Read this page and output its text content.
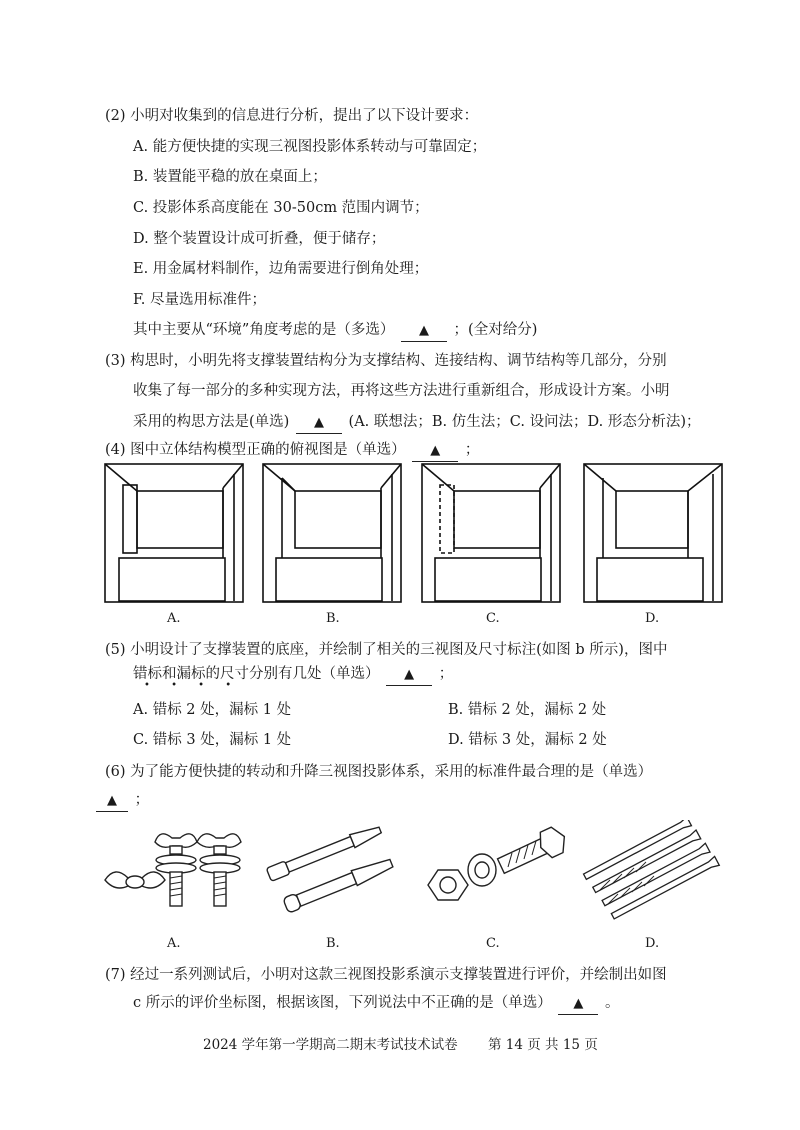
(2) 小明对收集到的信息进行分析，提出了以下设计要求：
A. 能方便快捷的实现三视图投影体系转动与可靠固定；
B. 装置能平稳的放在桌面上；
C. 投影体系高度能在 30-50cm 范围内调节；
D. 整个装置设计成可折叠，便于储存；
E. 用金属材料制作，边角需要进行倒角处理；
F. 尽量选用标准件；
其中主要从“环境”角度考虑的是（多选） ▲ ；(全对给分)
(3) 构思时，小明先将支撑装置结构分为支撑结构、连接结构、调节结构等几部分，分别
收集了每一部分的多种实现方法，再将这些方法进行重新组合，形成设计方案。小明
采用的构思方法是(单选) ▲ (A. 联想法；B. 仿生法；C. 设问法；D. 形态分析法)；
(4) 图中立体结构模型正确的俯视图是（单选） ▲ ；
A.	B.	C.	D.
(5) 小明设计了支撑装置的底座，并绘制了相关的三视图及尺寸标注(如图 b 所示)，图中
错标和漏标的尺寸分别有几处（单选） ▲ ；
• • • •
A. 错标 2 处，漏标 1 处	B. 错标 2 处，漏标 2 处
C. 错标 3 处，漏标 1 处	D. 错标 3 处，漏标 2 处
(6) 为了能方便快捷的转动和升降三视图投影体系，采用的标准件最合理的是（单选）
▲ ；
A.	B.	C.	D.
(7) 经过一系列测试后，小明对这款三视图投影系演示支撑装置进行评价，并绘制出如图
c 所示的评价坐标图，根据该图，下列说法中不正确的是（单选） ▲ 。
2024 学年第一学期高二期末考试技术试卷 第 14 页 共 15 页
